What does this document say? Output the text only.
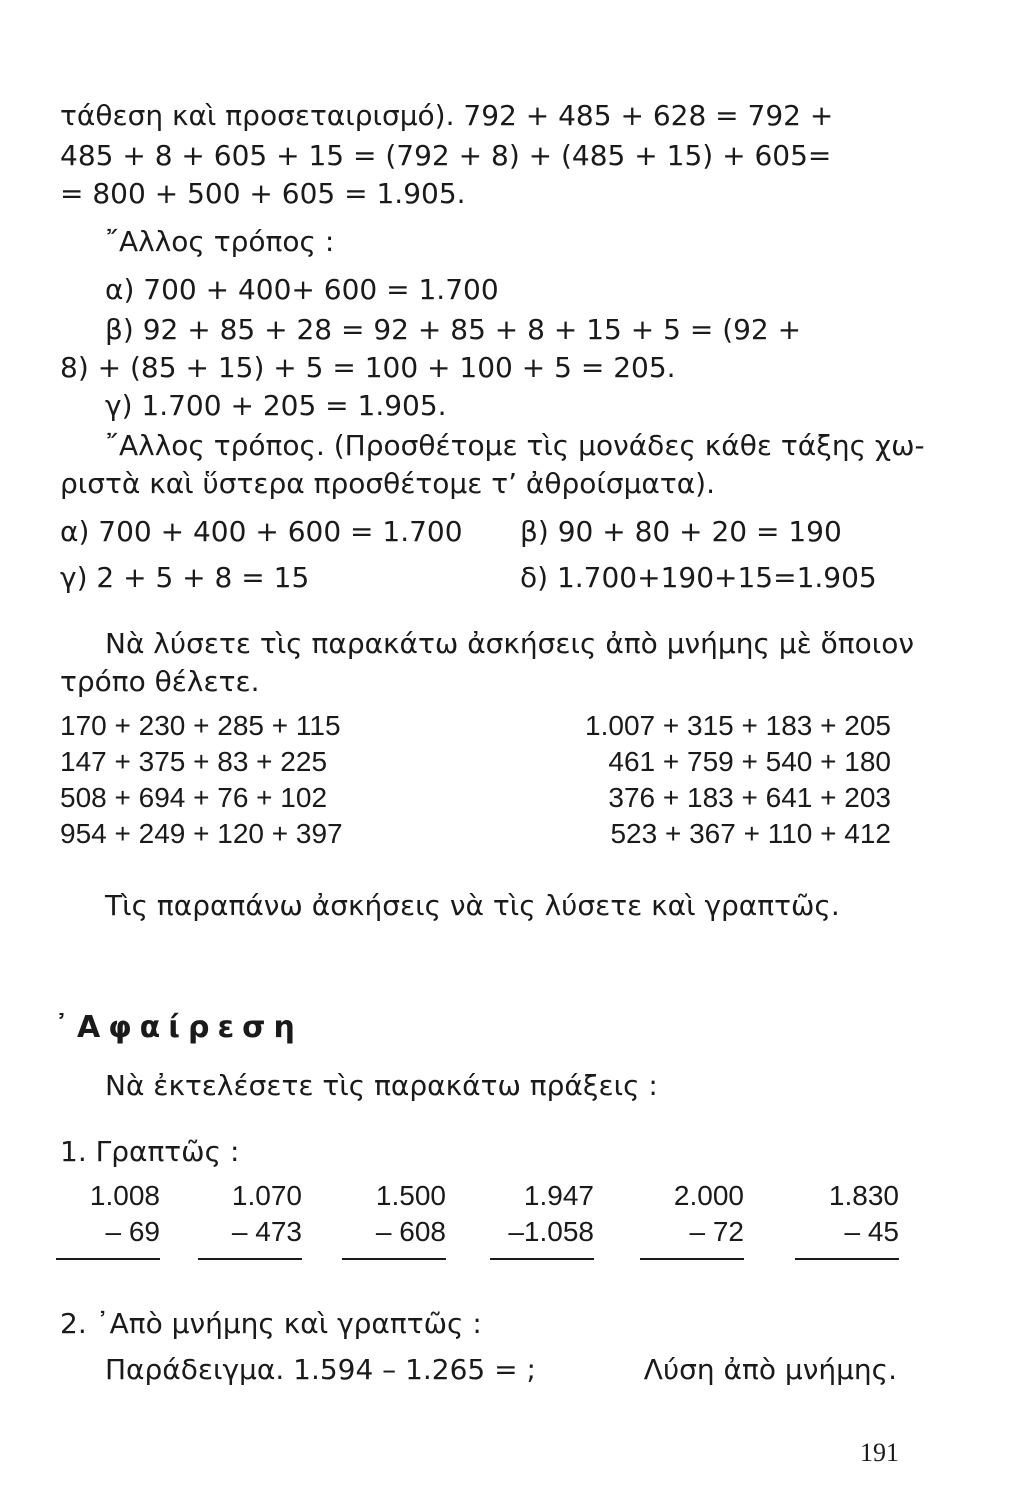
τάθεση καὶ προσεταιρισμό). 792 + 485 + 628 = 792 +
485 + 8 + 605 + 15 = (792 + 8) + (485 + 15) + 605=
= 800 + 500 + 605 = 1.905.
῎Αλλος τρόπος :
α) 700 + 400+ 600 = 1.700
β) 92 + 85 + 28 = 92 + 85 + 8 + 15 + 5 = (92 +
8) + (85 + 15) + 5 = 100 + 100 + 5 = 205.
γ) 1.700 + 205 = 1.905.
῎Αλλος τρόπος. (Προσθέτομε τὶς μονάδες κάθε τάξης χω-
ριστὰ καὶ ὕστερα προσθέτομε τ’ ἀθροίσματα).
α) 700 + 400 + 600 = 1.700 β) 90 + 80 + 20 = 190
γ) 2 + 5 + 8 = 15	δ) 1.700+190+15=1.905
Νὰ λύσετε τὶς παρακάτω ἀσκήσεις ἀπὸ μνήμης μὲ ὅποιον
τρόπο θέλετε.
170 + 230 + 285 + 115
147 + 375 + 83 + 225
508 + 694 + 76 + 102
954 + 249 + 120 + 397
1.007 + 315 + 183 + 205
461 + 759 + 540 + 180
376 + 183 + 641 + 203
523 + 367 + 110 + 412
Τὶς παραπάνω ἀσκήσεις νὰ τὶς λύσετε καὶ γραπτῶς.
᾽Αφαίρεση
Νὰ ἐκτελέσετε τὶς παρακάτω πράξεις :
1. Γραπτῶς :
1.008
– 69
1.070
– 473
1.500
– 608
1.947
–1.058
2.000
– 72
1.830
– 45
2. ᾽Απὸ μνήμης καὶ γραπτῶς :
Παράδειγμα. 1.594 – 1.265 = ;	Λύση ἀπὸ μνήμης.
191
